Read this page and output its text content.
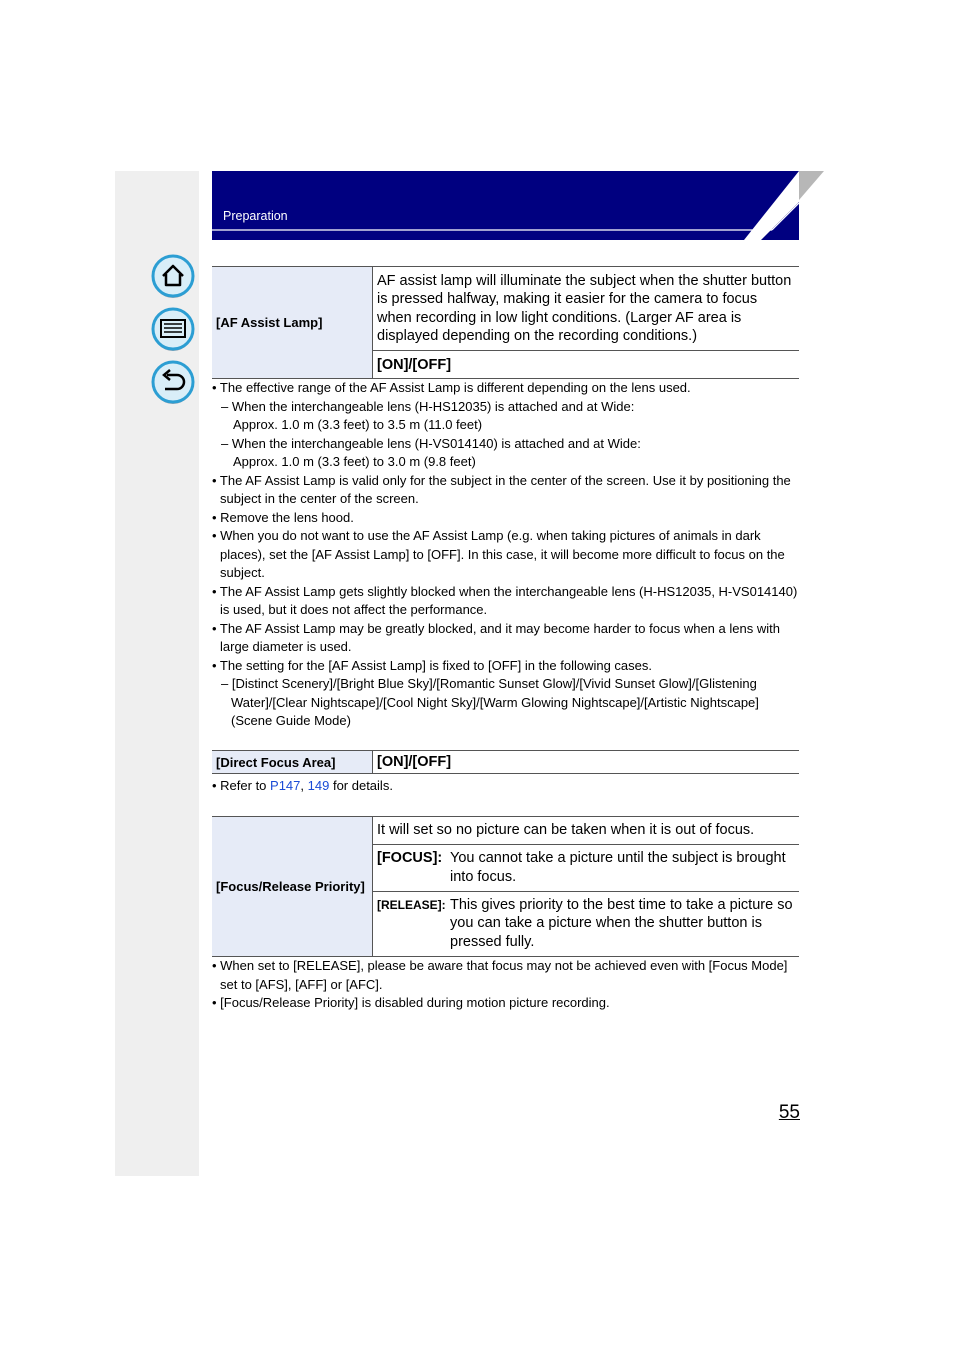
Preparation
[AF Assist Lamp]	AF assist lamp will illuminate the subject when the shutter button is pressed halfway, making it easier for the camera to focus when recording in low light conditions. (Larger AF area is displayed depending on the recording conditions.)
[ON]/[OFF]
• The effective range of the AF Assist Lamp is different depending on the lens used.
– When the interchangeable lens (H-HS12035) is attached and at Wide:
Approx. 1.0 m (3.3 feet) to 3.5 m (11.0 feet)
– When the interchangeable lens (H-VS014140) is attached and at Wide:
Approx. 1.0 m (3.3 feet) to 3.0 m (9.8 feet)
• The AF Assist Lamp is valid only for the subject in the center of the screen. Use it by positioning the subject in the center of the screen.
• Remove the lens hood.
• When you do not want to use the AF Assist Lamp (e.g. when taking pictures of animals in dark places), set the [AF Assist Lamp] to [OFF]. In this case, it will become more difficult to focus on the subject.
• The AF Assist Lamp gets slightly blocked when the interchangeable lens (H-HS12035, H-VS014140) is used, but it does not affect the performance.
• The AF Assist Lamp may be greatly blocked, and it may become harder to focus when a lens with large diameter is used.
• The setting for the [AF Assist Lamp] is fixed to [OFF] in the following cases.
– [Distinct Scenery]/[Bright Blue Sky]/[Romantic Sunset Glow]/[Vivid Sunset Glow]/[Glistening Water]/[Clear Nightscape]/[Cool Night Sky]/[Warm Glowing Nightscape]/[Artistic Nightscape] (Scene Guide Mode)
[Direct Focus Area]	[ON]/[OFF]
• Refer to P147, 149 for details.
[Focus/Release Priority]	It will set so no picture can be taken when it is out of focus.

[FOCUS]:	You cannot take a picture until the subject is brought into focus.

[RELEASE]:	This gives priority to the best time to take a picture so you can take a picture when the shutter button is pressed fully.
• When set to [RELEASE], please be aware that focus may not be achieved even with [Focus Mode] set to [AFS], [AFF] or [AFC].
• [Focus/Release Priority] is disabled during motion picture recording.
55
